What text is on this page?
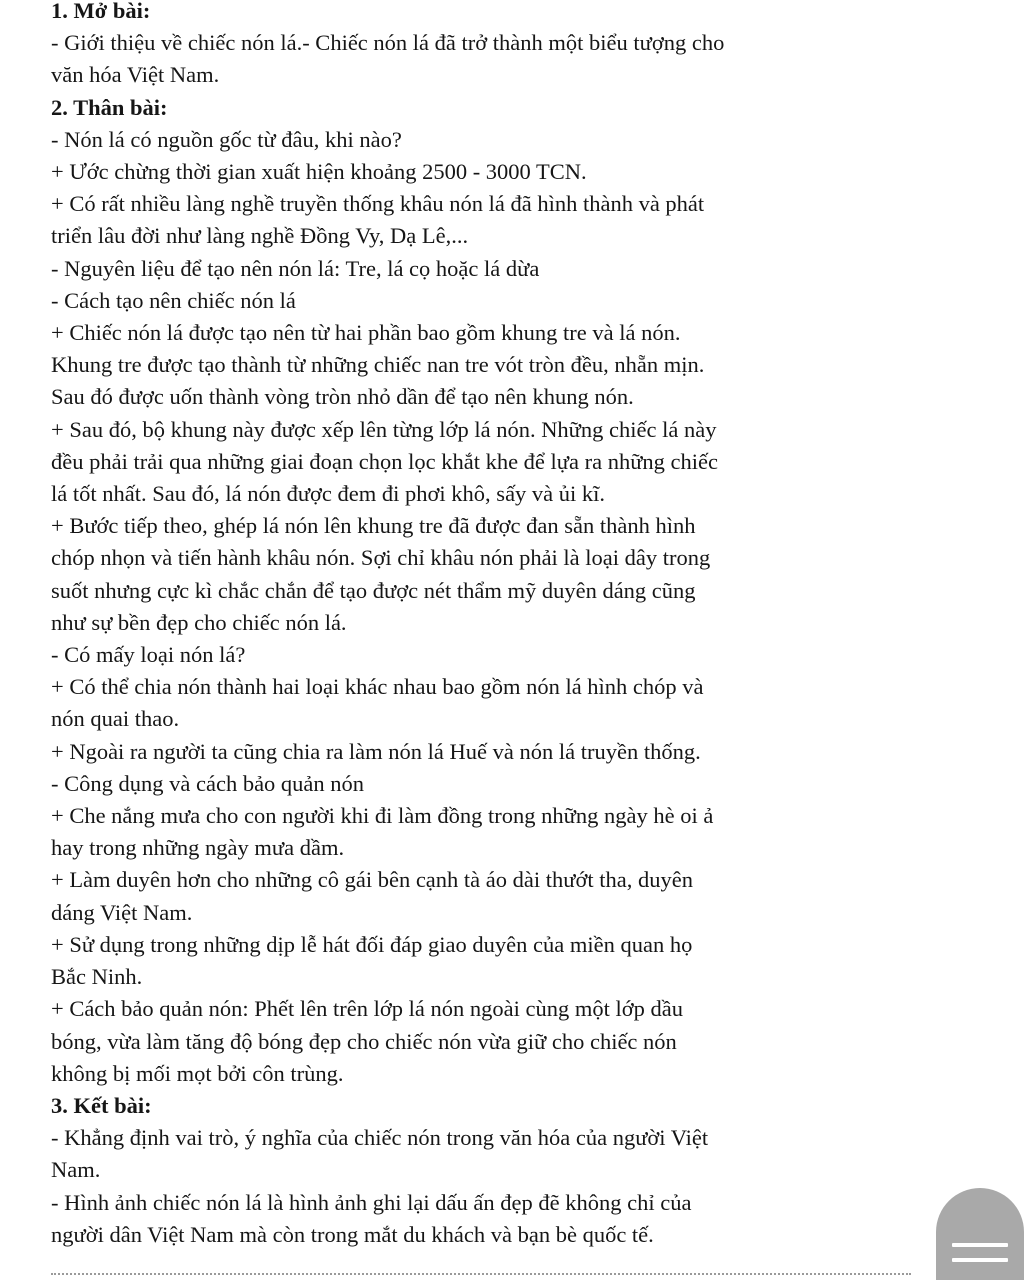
1. Mở bài:

- Giới thiệu về chiếc nón lá.- Chiếc nón lá đã trở thành một biểu tượng cho

văn hóa Việt Nam.

2. Thân bài:

- Nón lá có nguồn gốc từ đâu, khi nào?

+ Ước chừng thời gian xuất hiện khoảng 2500 - 3000 TCN.

+ Có rất nhiều làng nghề truyền thống khâu nón lá đã hình thành và phát

triển lâu đời như làng nghề Đồng Vy, Dạ Lê,...

- Nguyên liệu để tạo nên nón lá: Tre, lá cọ hoặc lá dừa

- Cách tạo nên chiếc nón lá

+ Chiếc nón lá được tạo nên từ hai phần bao gồm khung tre và lá nón.

Khung tre được tạo thành từ những chiếc nan tre vót tròn đều, nhẵn mịn.

Sau đó được uốn thành vòng tròn nhỏ dần để tạo nên khung nón.

+ Sau đó, bộ khung này được xếp lên từng lớp lá nón. Những chiếc lá này

đều phải trải qua những giai đoạn chọn lọc khắt khe để lựa ra những chiếc

lá tốt nhất. Sau đó, lá nón được đem đi phơi khô, sấy và ủi kĩ.

+ Bước tiếp theo, ghép lá nón lên khung tre đã được đan sẵn thành hình

chóp nhọn và tiến hành khâu nón. Sợi chỉ khâu nón phải là loại dây trong

suốt nhưng cực kì chắc chắn để tạo được nét thẩm mỹ duyên dáng cũng

như sự bền đẹp cho chiếc nón lá.

- Có mấy loại nón lá?

+ Có thể chia nón thành hai loại khác nhau bao gồm nón lá hình chóp và

nón quai thao.

+ Ngoài ra người ta cũng chia ra làm nón lá Huế và nón lá truyền thống.

- Công dụng và cách bảo quản nón

+ Che nắng mưa cho con người khi đi làm đồng trong những ngày hè oi ả

hay trong những ngày mưa dầm.

+ Làm duyên hơn cho những cô gái bên cạnh tà áo dài thướt tha, duyên

dáng Việt Nam.

+ Sử dụng trong những dịp lễ hát đối đáp giao duyên của miền quan họ

Bắc Ninh.

+ Cách bảo quản nón: Phết lên trên lớp lá nón ngoài cùng một lớp dầu

bóng, vừa làm tăng độ bóng đẹp cho chiếc nón vừa giữ cho chiếc nón

không bị mối mọt bởi côn trùng.

3. Kết bài:

- Khẳng định vai trò, ý nghĩa của chiếc nón trong văn hóa của người Việt

Nam.

- Hình ảnh chiếc nón lá là hình ảnh ghi lại dấu ấn đẹp đẽ không chỉ của

người dân Việt Nam mà còn trong mắt du khách và bạn bè quốc tế.
